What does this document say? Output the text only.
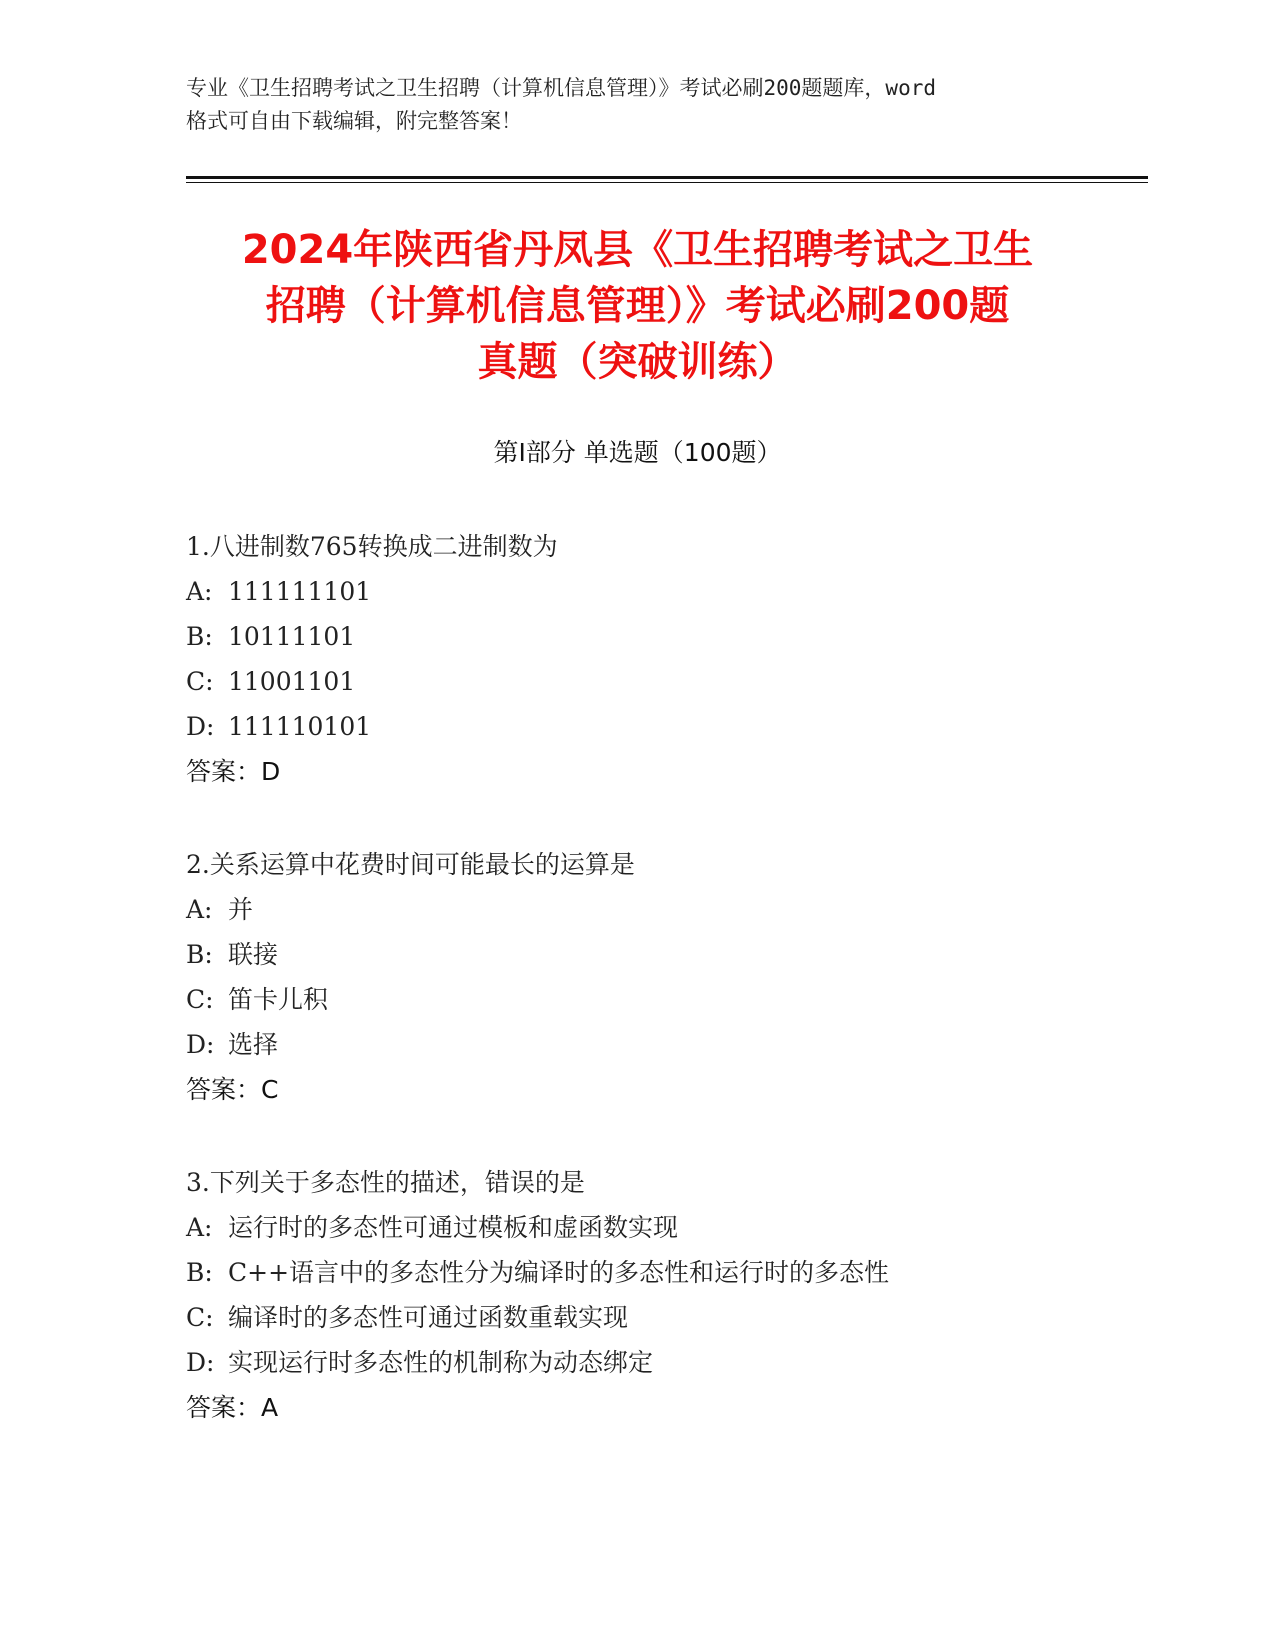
专业《卫生招聘考试之卫生招聘（计算机信息管理）》考试必刷200题题库，word
格式可自由下载编辑，附完整答案！
2024年陕西省丹凤县《卫生招聘考试之卫生
招聘（计算机信息管理）》考试必刷200题
真题（突破训练）
第Ⅰ部分 单选题（100题）
1.八进制数765转换成二进制数为
A: 111111101
B: 10111101
C: 11001101
D: 111110101
答案：D
2.关系运算中花费时间可能最长的运算是
A: 并
B: 联接
C: 笛卡儿积
D: 选择
答案：C
3.下列关于多态性的描述，错误的是
A: 运行时的多态性可通过模板和虚函数实现
B: C++语言中的多态性分为编译时的多态性和运行时的多态性
C: 编译时的多态性可通过函数重载实现
D: 实现运行时多态性的机制称为动态绑定
答案：A
